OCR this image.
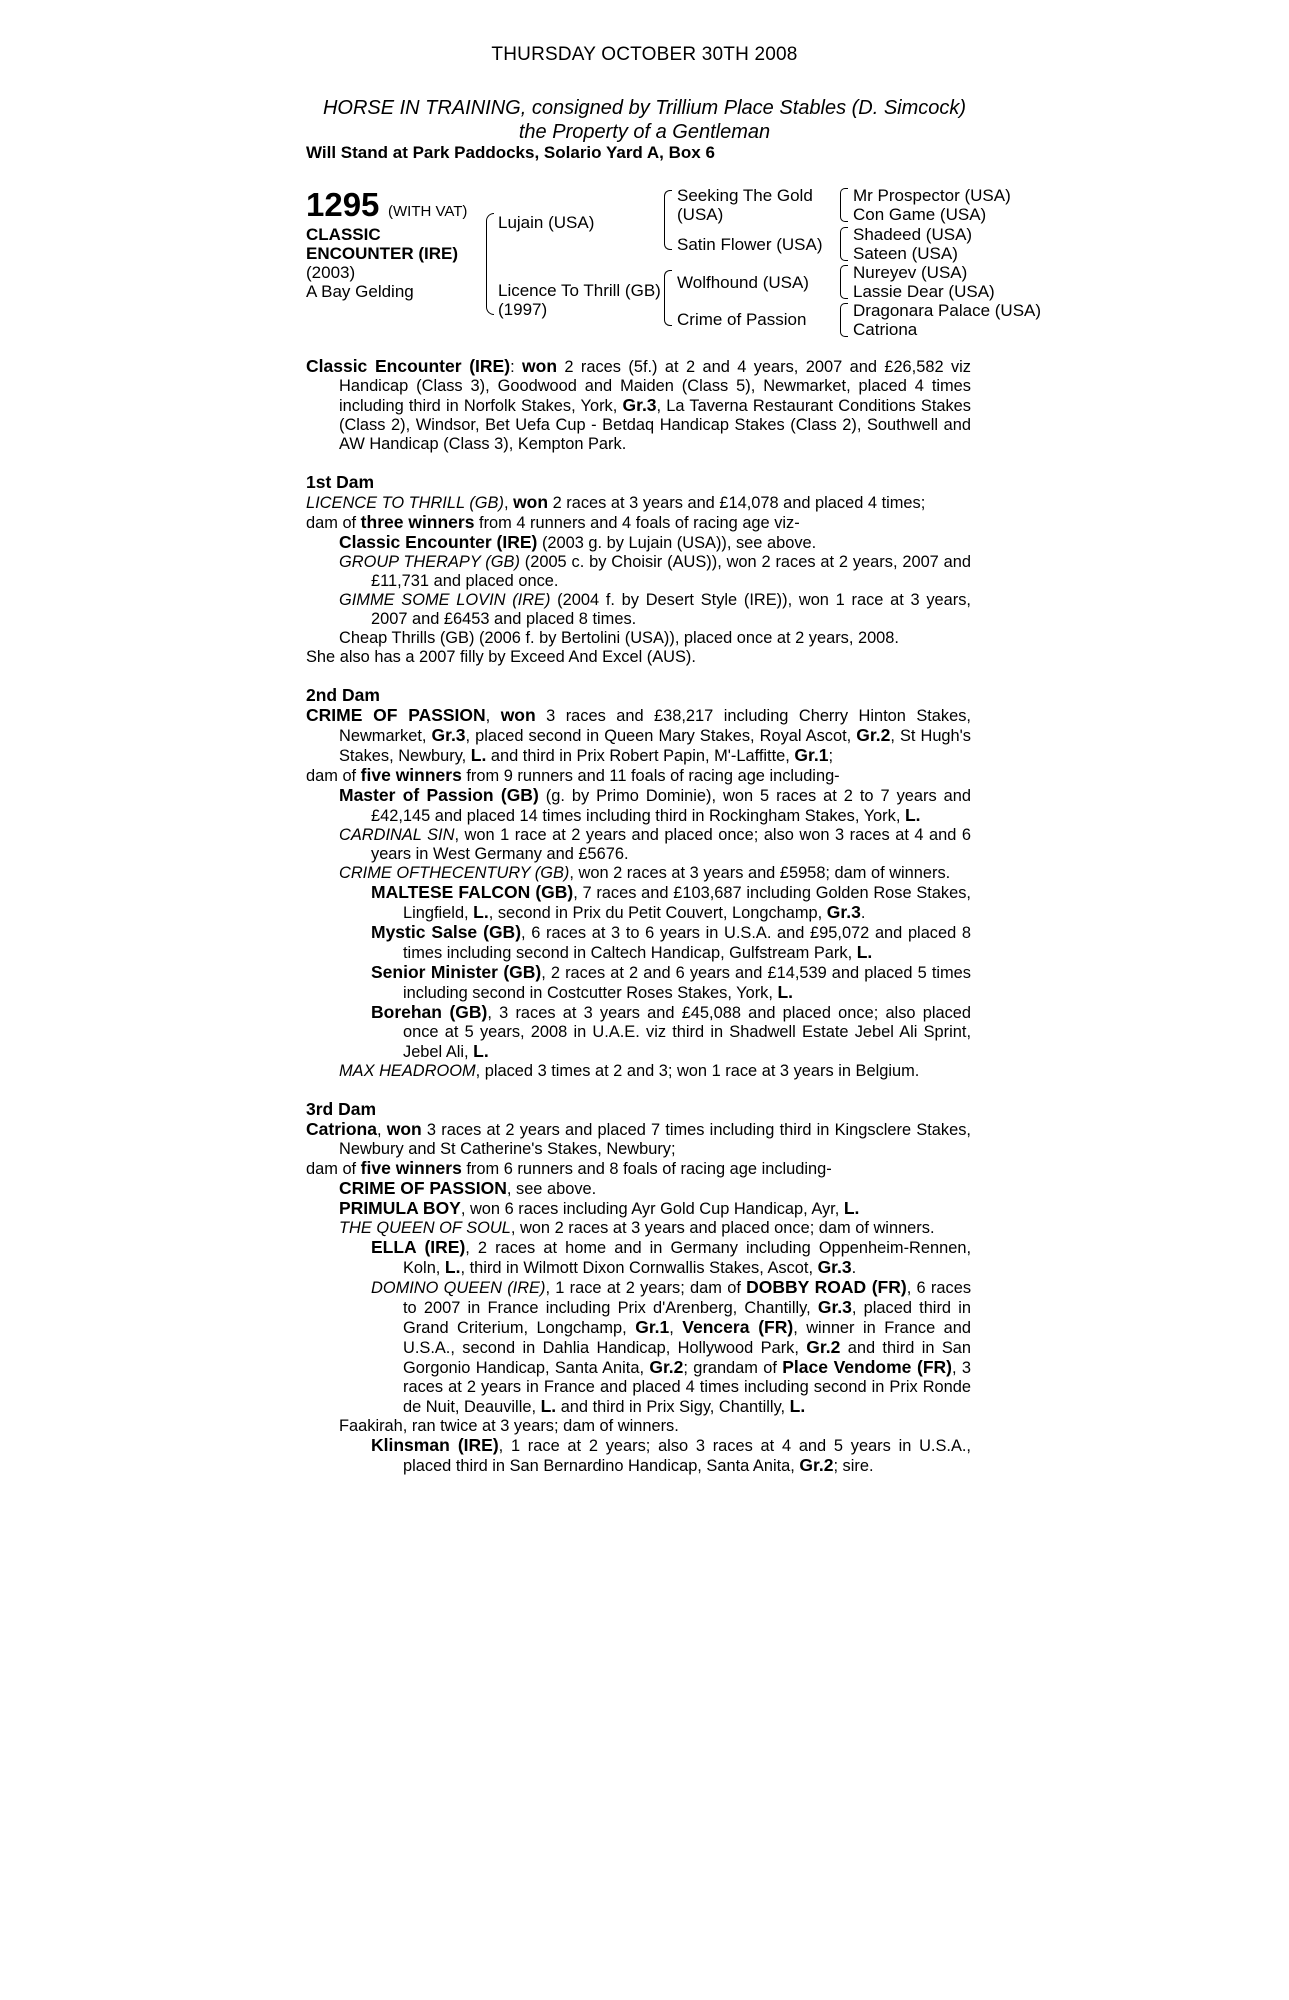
THURSDAY OCTOBER 30TH 2008
HORSE IN TRAINING, consigned by Trillium Place Stables (D. Simcock)
the Property of a Gentleman
Will Stand at Park Paddocks, Solario Yard A, Box 6
1295 (WITH VAT)
CLASSIC
ENCOUNTER (IRE)
(2003)
A Bay Gelding
Lujain (USA)
Licence To Thrill (GB)
(1997)
Seeking The Gold
(USA)
Satin Flower (USA)
Wolfhound (USA)
Crime of Passion
Mr Prospector (USA)
Con Game (USA)
Shadeed (USA)
Sateen (USA)
Nureyev (USA)
Lassie Dear (USA)
Dragonara Palace (USA)
Catriona

Classic Encounter (IRE): won 2 races (5f.) at 2 and 4 years, 2007 and £26,582 viz Handicap (Class 3), Goodwood and Maiden (Class 5), Newmarket, placed 4 times including third in Norfolk Stakes, York, Gr.3, La Taverna Restaurant Conditions Stakes (Class 2), Windsor, Bet Uefa Cup - Betdaq Handicap Stakes (Class 2), Southwell and AW Handicap (Class 3), Kempton Park.

1st Dam

LICENCE TO THRILL (GB), won 2 races at 3 years and £14,078 and placed 4 times;

dam of three winners from 4 runners and 4 foals of racing age viz-

Classic Encounter (IRE) (2003 g. by Lujain (USA)), see above.

GROUP THERAPY (GB) (2005 c. by Choisir (AUS)), won 2 races at 2 years, 2007 and £11,731 and placed once.

GIMME SOME LOVIN (IRE) (2004 f. by Desert Style (IRE)), won 1 race at 3 years, 2007 and £6453 and placed 8 times.

Cheap Thrills (GB) (2006 f. by Bertolini (USA)), placed once at 2 years, 2008.

She also has a 2007 filly by Exceed And Excel (AUS).

2nd Dam

CRIME OF PASSION, won 3 races and £38,217 including Cherry Hinton Stakes, Newmarket, Gr.3, placed second in Queen Mary Stakes, Royal Ascot, Gr.2, St Hugh's Stakes, Newbury, L. and third in Prix Robert Papin, M'-Laffitte, Gr.1;

dam of five winners from 9 runners and 11 foals of racing age including-

Master of Passion (GB) (g. by Primo Dominie), won 5 races at 2 to 7 years and £42,145 and placed 14 times including third in Rockingham Stakes, York, L.

CARDINAL SIN, won 1 race at 2 years and placed once; also won 3 races at 4 and 6 years in West Germany and £5676.

CRIME OFTHECENTURY (GB), won 2 races at 3 years and £5958; dam of winners.

MALTESE FALCON (GB), 7 races and £103,687 including Golden Rose Stakes, Lingfield, L., second in Prix du Petit Couvert, Longchamp, Gr.3.

Mystic Salse (GB), 6 races at 3 to 6 years in U.S.A. and £95,072 and placed 8 times including second in Caltech Handicap, Gulfstream Park, L.

Senior Minister (GB), 2 races at 2 and 6 years and £14,539 and placed 5 times including second in Costcutter Roses Stakes, York, L.

Borehan (GB), 3 races at 3 years and £45,088 and placed once; also placed once at 5 years, 2008 in U.A.E. viz third in Shadwell Estate Jebel Ali Sprint, Jebel Ali, L.

MAX HEADROOM, placed 3 times at 2 and 3; won 1 race at 3 years in Belgium.

3rd Dam

Catriona, won 3 races at 2 years and placed 7 times including third in Kingsclere Stakes, Newbury and St Catherine's Stakes, Newbury;

dam of five winners from 6 runners and 8 foals of racing age including-

CRIME OF PASSION, see above.

PRIMULA BOY, won 6 races including Ayr Gold Cup Handicap, Ayr, L.

THE QUEEN OF SOUL, won 2 races at 3 years and placed once; dam of winners.

ELLA (IRE), 2 races at home and in Germany including Oppenheim-Rennen, Koln, L., third in Wilmott Dixon Cornwallis Stakes, Ascot, Gr.3.

DOMINO QUEEN (IRE), 1 race at 2 years; dam of DOBBY ROAD (FR), 6 races to 2007 in France including Prix d'Arenberg, Chantilly, Gr.3, placed third in Grand Criterium, Longchamp, Gr.1, Vencera (FR), winner in France and U.S.A., second in Dahlia Handicap, Hollywood Park, Gr.2 and third in San Gorgonio Handicap, Santa Anita, Gr.2; grandam of Place Vendome (FR), 3 races at 2 years in France and placed 4 times including second in Prix Ronde de Nuit, Deauville, L. and third in Prix Sigy, Chantilly, L.

Faakirah, ran twice at 3 years; dam of winners.

Klinsman (IRE), 1 race at 2 years; also 3 races at 4 and 5 years in U.S.A., placed third in San Bernardino Handicap, Santa Anita, Gr.2; sire.
